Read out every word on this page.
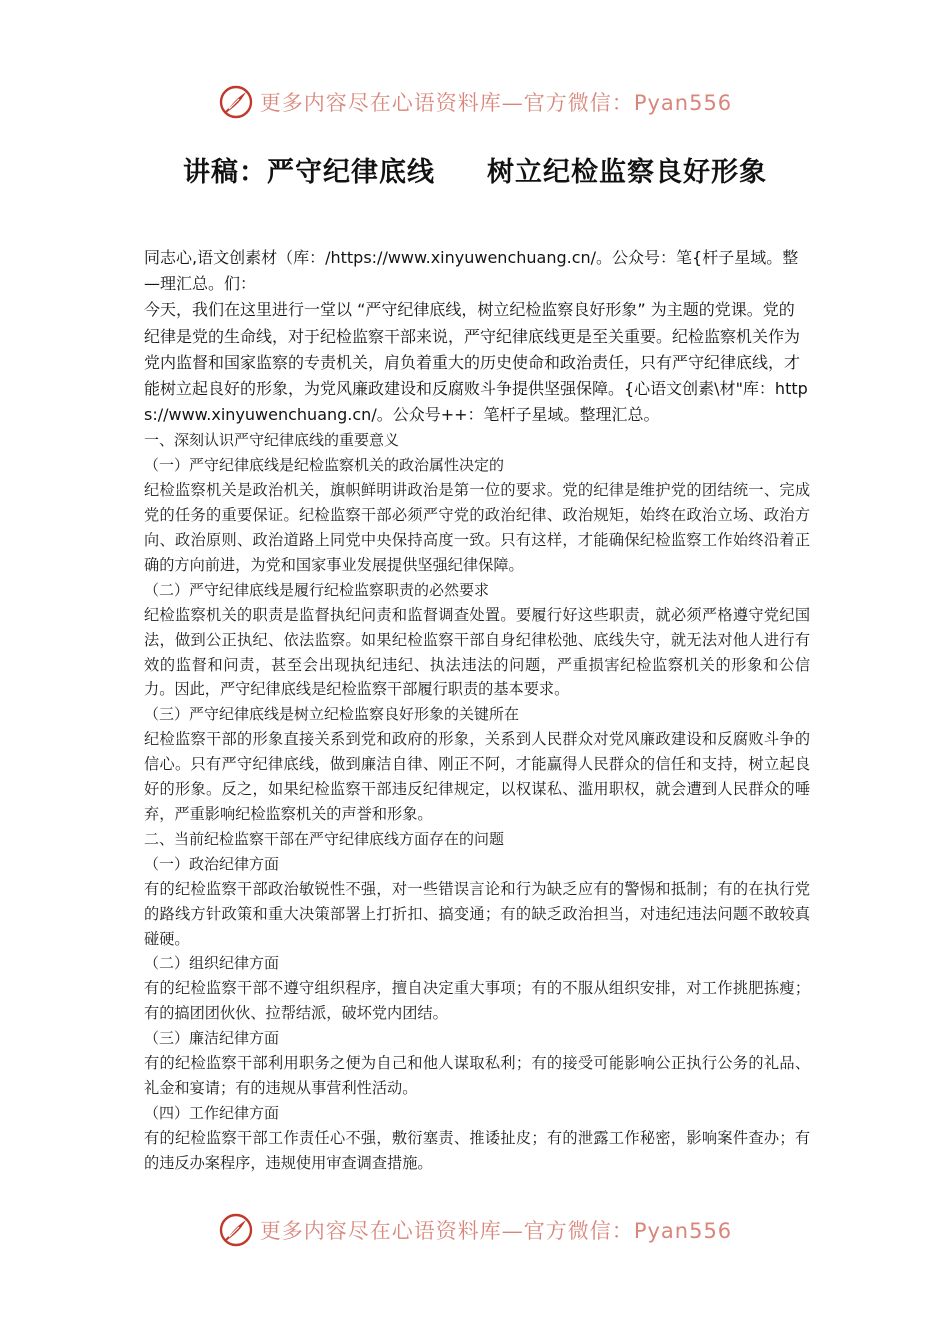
更多内容尽在心语资料库—官方微信：Pyan556
讲稿：严守纪律底线     树立纪检监察良好形象

同志心,语文创素材（库：/https://www.xinyuwenchuang.cn/。公众号：笔{杆子星域。整—理汇总。们：

今天，我们在这里进行一堂以 “严守纪律底线，树立纪检监察良好形象” 为主题的党课。党的纪律是党的生命线，对于纪检监察干部来说，严守纪律底线更是至关重要。纪检监察机关作为党内监督和国家监察的专责机关，肩负着重大的历史使命和政治责任，只有严守纪律底线，才能树立起良好的形象，为党风廉政建设和反腐败斗争提供坚强保障。{心语文创素\材"库：https://www.xinyuwenchuang.cn/。公众号++：笔杆子星域。整理汇总。

一、深刻认识严守纪律底线的重要意义

（一）严守纪律底线是纪检监察机关的政治属性决定的

纪检监察机关是政治机关，旗帜鲜明讲政治是第一位的要求。党的纪律是维护党的团结统一、完成党的任务的重要保证。纪检监察干部必须严守党的政治纪律、政治规矩，始终在政治立场、政治方向、政治原则、政治道路上同党中央保持高度一致。只有这样，才能确保纪检监察工作始终沿着正确的方向前进，为党和国家事业发展提供坚强纪律保障。

（二）严守纪律底线是履行纪检监察职责的必然要求

纪检监察机关的职责是监督执纪问责和监督调查处置。要履行好这些职责，就必须严格遵守党纪国法，做到公正执纪、依法监察。如果纪检监察干部自身纪律松弛、底线失守，就无法对他人进行有效的监督和问责，甚至会出现执纪违纪、执法违法的问题，严重损害纪检监察机关的形象和公信力。因此，严守纪律底线是纪检监察干部履行职责的基本要求。

（三）严守纪律底线是树立纪检监察良好形象的关键所在

纪检监察干部的形象直接关系到党和政府的形象，关系到人民群众对党风廉政建设和反腐败斗争的信心。只有严守纪律底线，做到廉洁自律、刚正不阿，才能赢得人民群众的信任和支持，树立起良好的形象。反之，如果纪检监察干部违反纪律规定，以权谋私、滥用职权，就会遭到人民群众的唾弃，严重影响纪检监察机关的声誉和形象。

二、当前纪检监察干部在严守纪律底线方面存在的问题

（一）政治纪律方面

有的纪检监察干部政治敏锐性不强，对一些错误言论和行为缺乏应有的警惕和抵制；有的在执行党的路线方针政策和重大决策部署上打折扣、搞变通；有的缺乏政治担当，对违纪违法问题不敢较真碰硬。

（二）组织纪律方面

有的纪检监察干部不遵守组织程序，擅自决定重大事项；有的不服从组织安排，对工作挑肥拣瘦；有的搞团团伙伙、拉帮结派，破坏党内团结。

（三）廉洁纪律方面

有的纪检监察干部利用职务之便为自己和他人谋取私利；有的接受可能影响公正执行公务的礼品、礼金和宴请；有的违规从事营利性活动。

（四）工作纪律方面

有的纪检监察干部工作责任心不强，敷衍塞责、推诿扯皮；有的泄露工作秘密，影响案件查办；有的违反办案程序，违规使用审查调查措施。

更多内容尽在心语资料库—官方微信：Pyan556
